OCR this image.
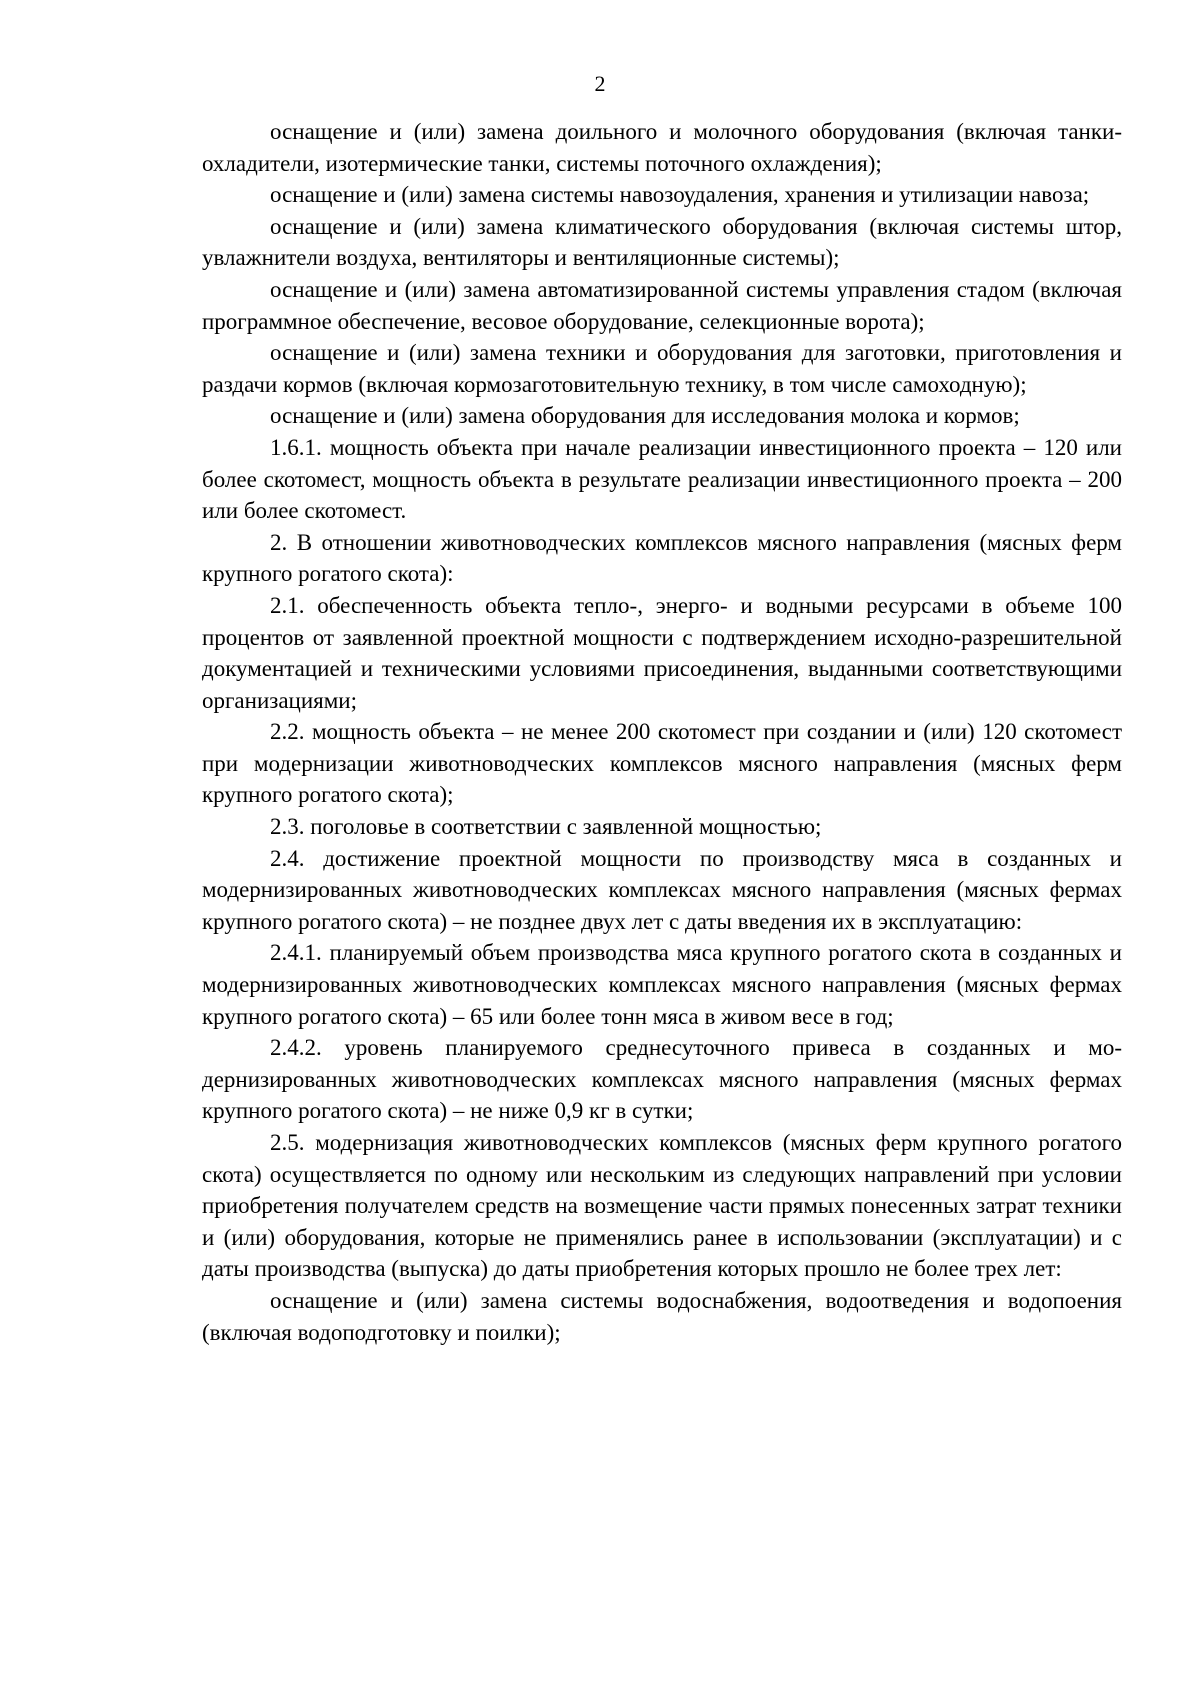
2

оснащение и (или) замена доильного и молочного оборудования (включая танки-охладители, изотермические танки, системы поточного охлаждения);

оснащение и (или) замена системы навозоудаления, хранения и утилизации навоза;

оснащение и (или) замена климатического оборудования (включая системы штор, увлажнители воздуха, вентиляторы и вентиляционные системы);

оснащение и (или) замена автоматизированной системы управления стадом (включая программное обеспечение, весовое оборудование, селекционные ворота);

оснащение и (или) замена техники и оборудования для заготовки, приготовления и раздачи кормов (включая кормозаготовительную технику, в том числе самоходную);

оснащение и (или) замена оборудования для исследования молока и кормов;

1.6.1. мощность объекта при начале реализации инвестиционного проекта – 120 или более скотомест, мощность объекта в результате реализации инвестиционного проекта – 200 или более скотомест.

2. В отношении животноводческих комплексов мясного направления (мясных ферм крупного рогатого скота):

2.1. обеспеченность объекта тепло-, энерго- и водными ресурсами в объеме 100 процентов от заявленной проектной мощности с подтверждением исходно-разрешительной документацией и техническими условиями присоединения, выданными соответствующими организациями;

2.2. мощность объекта – не менее 200 скотомест при создании и (или) 120 скотомест при модернизации животноводческих комплексов мясного направления (мясных ферм крупного рогатого скота);

2.3. поголовье в соответствии с заявленной мощностью;

2.4. достижение проектной мощности по производству мяса в созданных и модернизированных животноводческих комплексах мясного направления (мясных фермах крупного рогатого скота) – не позднее двух лет с даты введения их в эксплуатацию:

2.4.1. планируемый объем производства мяса крупного рогатого скота в созданных и модернизированных животноводческих комплексах мясного направления (мясных фермах крупного рогатого скота) – 65 или более тонн мяса в живом весе в год;

2.4.2. уровень планируемого среднесуточного привеса в созданных и модернизированных животноводческих комплексах мясного направления (мясных фермах крупного рогатого скота) – не ниже 0,9 кг в сутки;

2.5. модернизация животноводческих комплексов (мясных ферм крупного рогатого скота) осуществляется по одному или нескольким из следующих направлений при условии приобретения получателем средств на возмещение части прямых понесенных затрат техники и (или) оборудования, которые не применялись ранее в использовании (эксплуатации) и с даты производства (выпуска) до даты приобретения которых прошло не более трех лет:

оснащение и (или) замена системы водоснабжения, водоотведения и водопоения (включая водоподготовку и поилки);
